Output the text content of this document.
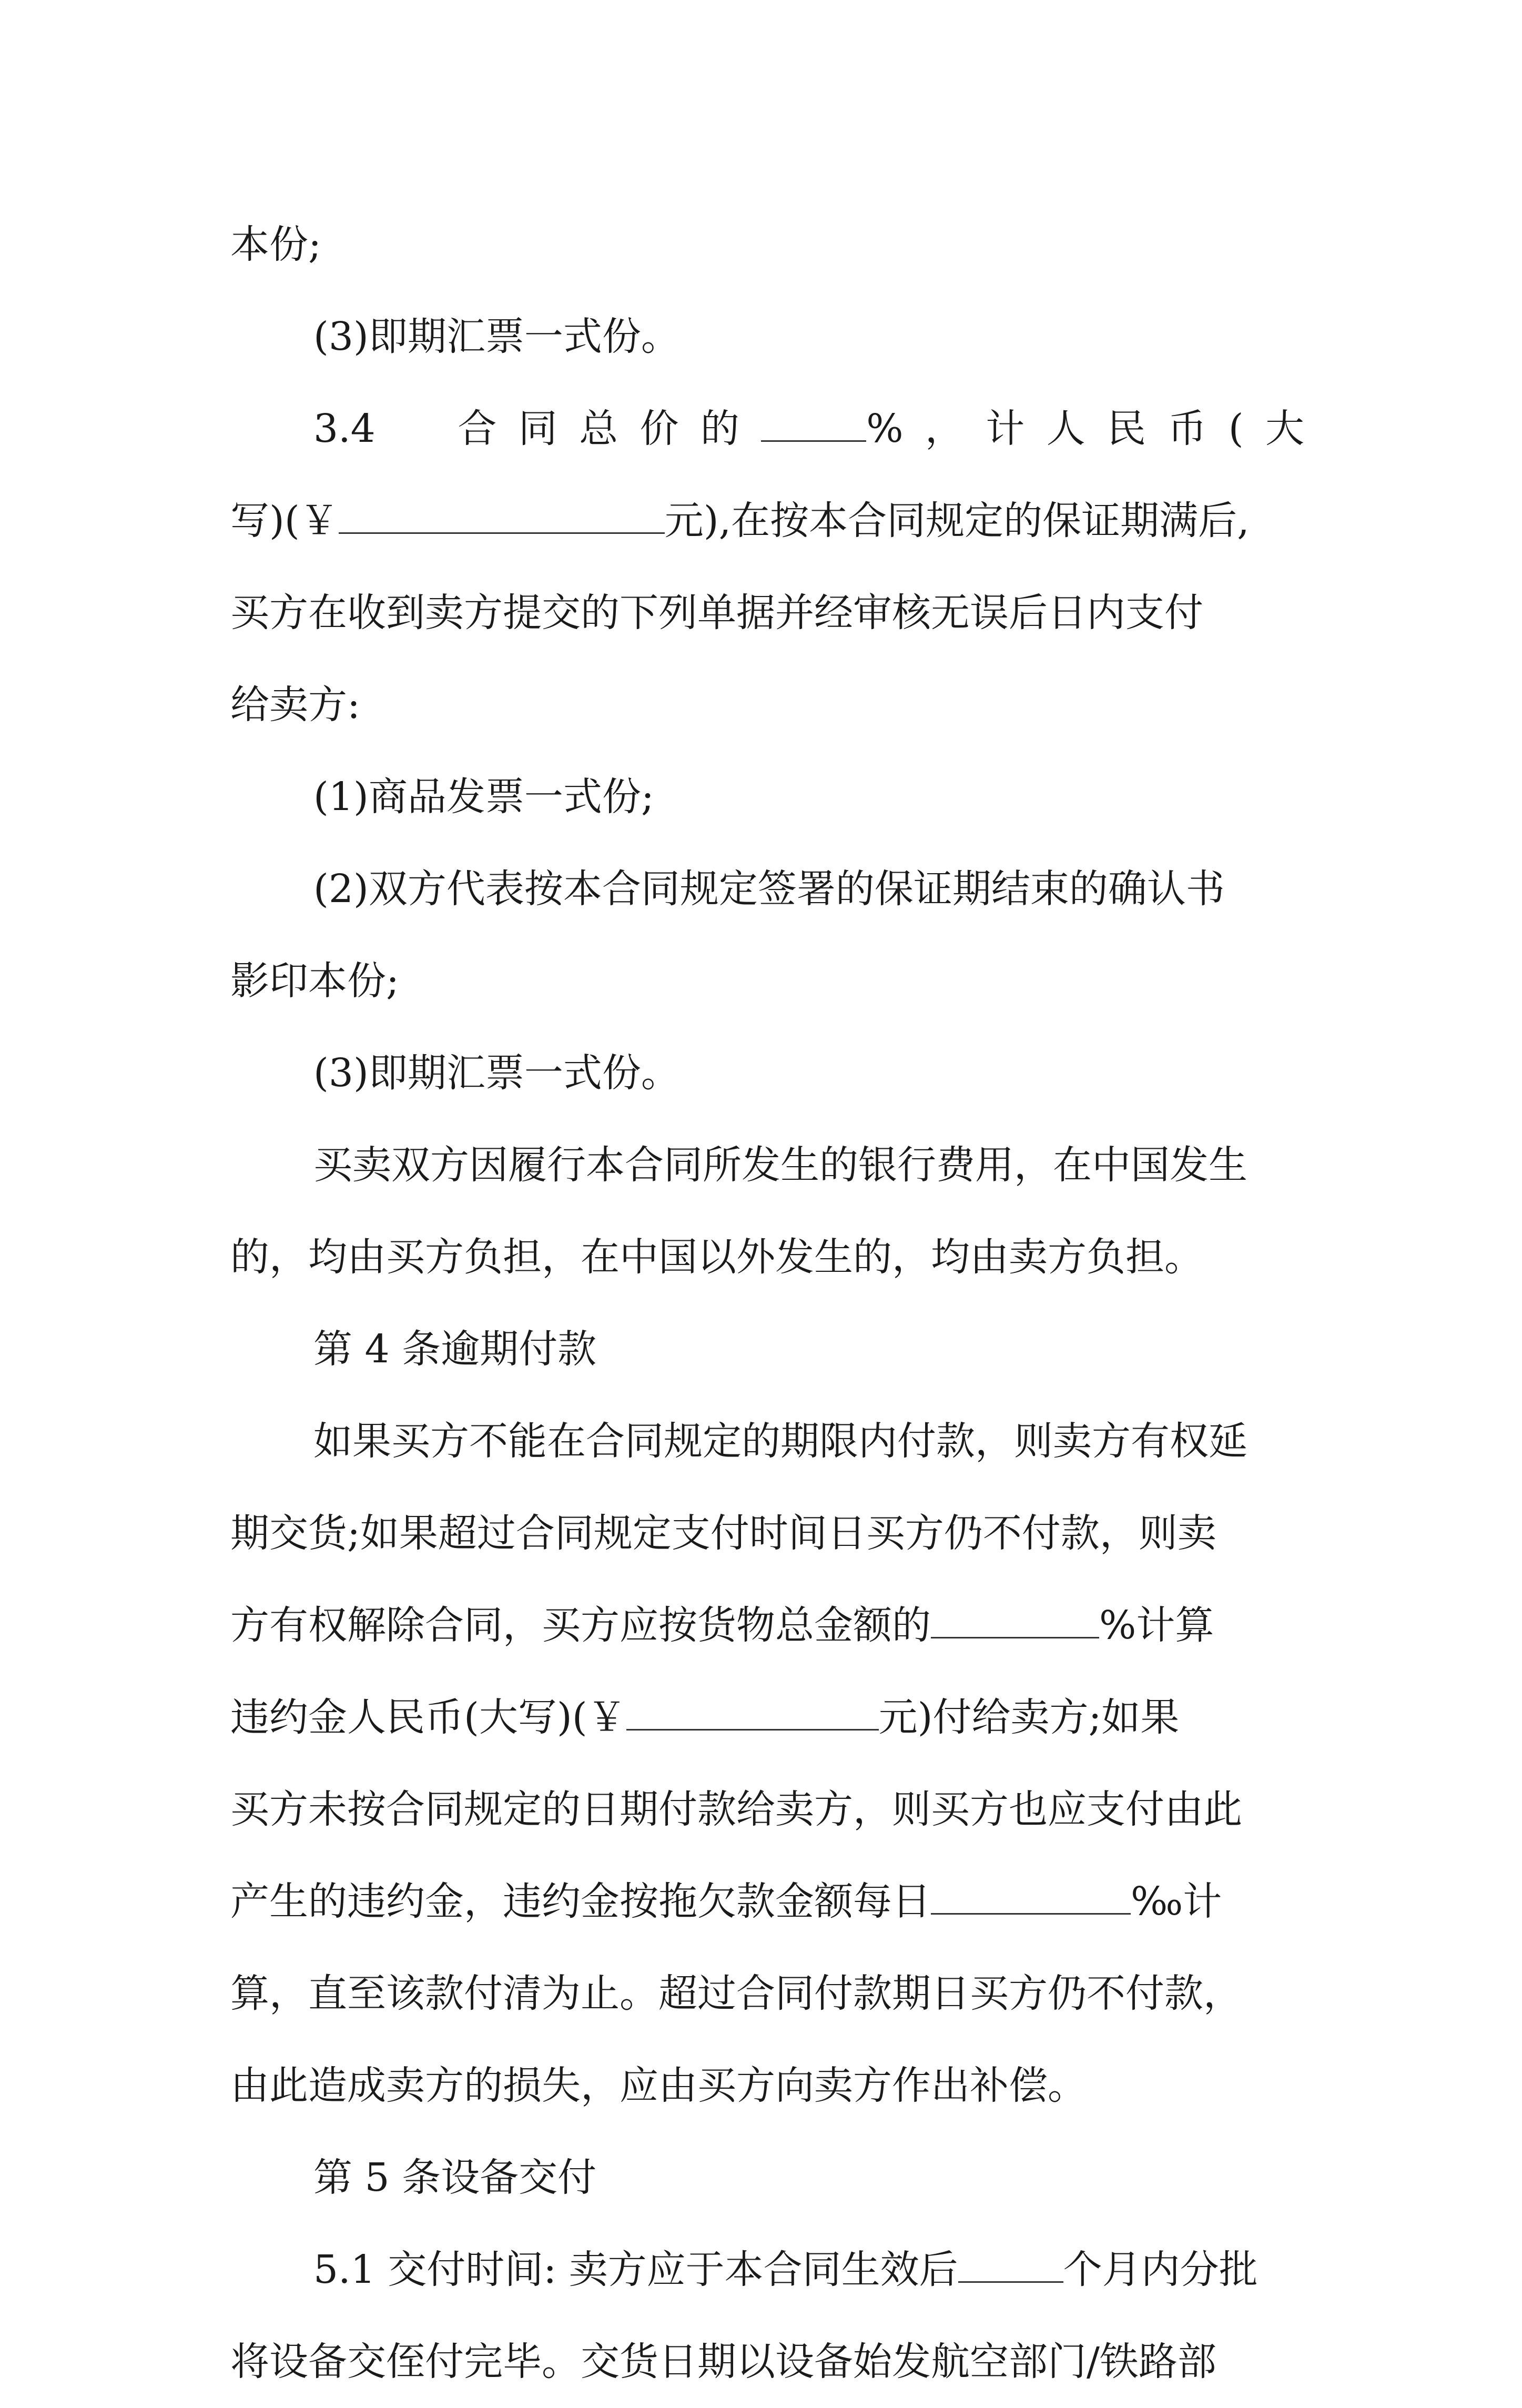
本份;
(3)即期汇票一式份。
3.4　合同总价的	%，计人民币(大
写)(￥	元),在按本合同规定的保证期满后,
买方在收到卖方提交的下列单据并经审核无误后日内支付
给卖方:
(1)商品发票一式份;
(2)双方代表按本合同规定签署的保证期结束的确认书
影印本份;
(3)即期汇票一式份。
买卖双方因履行本合同所发生的银行费用，在中国发生
的，均由买方负担，在中国以外发生的，均由卖方负担。
第 4 条逾期付款
如果买方不能在合同规定的期限内付款，则卖方有权延
期交货;如果超过合同规定支付时间日买方仍不付款，则卖
方有权解除合同，买方应按货物总金额的	%计算
违约金人民币(大写)(￥	元)付给卖方;如果
买方未按合同规定的日期付款给卖方，则买方也应支付由此
产生的违约金，违约金按拖欠款金额每日	‰计
算，直至该款付清为止。超过合同付款期日买方仍不付款，
由此造成卖方的损失，应由买方向卖方作出补偿。
第 5 条设备交付
5.1 交付时间: 卖方应于本合同生效后	个月内分批
将设备交侄付完毕。交货日期以设备始发航空部门/铁路部
